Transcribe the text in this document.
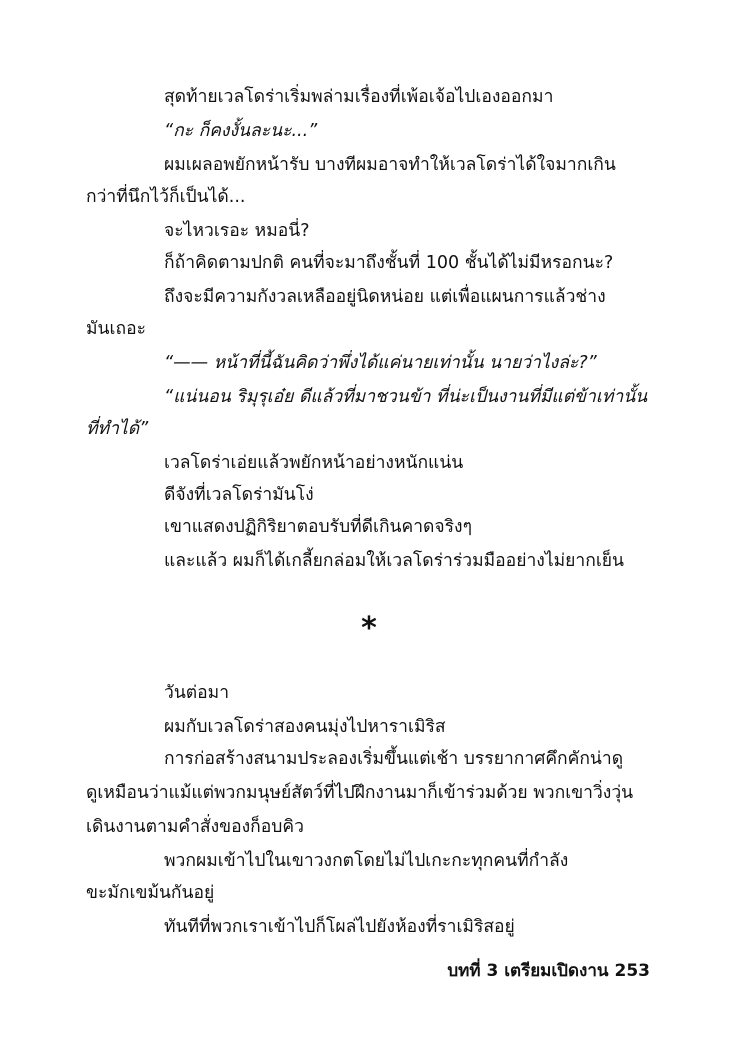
สุดท้ายเวลโดร่าเริ่มพล่ามเรื่องที่เพ้อเจ้อไปเองออกมา
“กะ ก็คงงั้นละนะ...”
ผมเผลอพยักหน้ารับ บางทีผมอาจทำให้เวลโดร่าได้ใจมากเกิน
กว่าที่นึกไว้ก็เป็นได้...
จะไหวเรอะ หมอนี่?
ก็ถ้าคิดตามปกติ คนที่จะมาถึงชั้นที่ 100 ชั้นได้ไม่มีหรอกนะ?
ถึงจะมีความกังวลเหลืออยู่นิดหน่อย แต่เพื่อแผนการแล้วช่าง
มันเถอะ
“—— หน้าที่นี้ฉันคิดว่าพึ่งได้แค่นายเท่านั้น นายว่าไงล่ะ?”
“แน่นอน ริมุรุเอ๋ย ดีแล้วที่มาชวนข้า ที่น่ะเป็นงานที่มีแต่ข้าเท่านั้น
ที่ทำได้”
เวลโดร่าเอ่ยแล้วพยักหน้าอย่างหนักแน่น
ดีจังที่เวลโดร่ามันโง่
เขาแสดงปฏิกิริยาตอบรับที่ดีเกินคาดจริงๆ
และแล้ว ผมก็ได้เกลี้ยกล่อมให้เวลโดร่าร่วมมืออย่างไม่ยากเย็น
*
วันต่อมา
ผมกับเวลโดร่าสองคนมุ่งไปหาราเมิริส
การก่อสร้างสนามประลองเริ่มขึ้นแต่เช้า บรรยากาศคึกคักน่าดู
ดูเหมือนว่าแม้แต่พวกมนุษย์สัตว์ที่ไปฝึกงานมาก็เข้าร่วมด้วย พวกเขาวิ่งวุ่น
เดินงานตามคำสั่งของก็อบคิว
พวกผมเข้าไปในเขาวงกตโดยไม่ไปเกะกะทุกคนที่กำลัง
ขะมักเขม้นกันอยู่
ทันทีที่พวกเราเข้าไปก็โผล่ไปยังห้องที่ราเมิริสอยู่
บทที่ 3 เตรียมเปิดงาน 253
